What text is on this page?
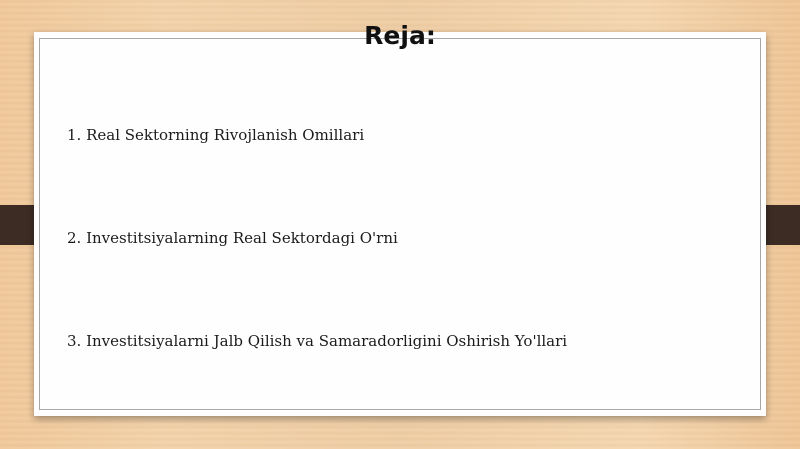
Reja:
1. Real Sektorning Rivojlanish Omillari
2. Investitsiyalarning Real Sektordagi O'rni
3. Investitsiyalarni Jalb Qilish va Samaradorligini Oshirish Yo'llari
